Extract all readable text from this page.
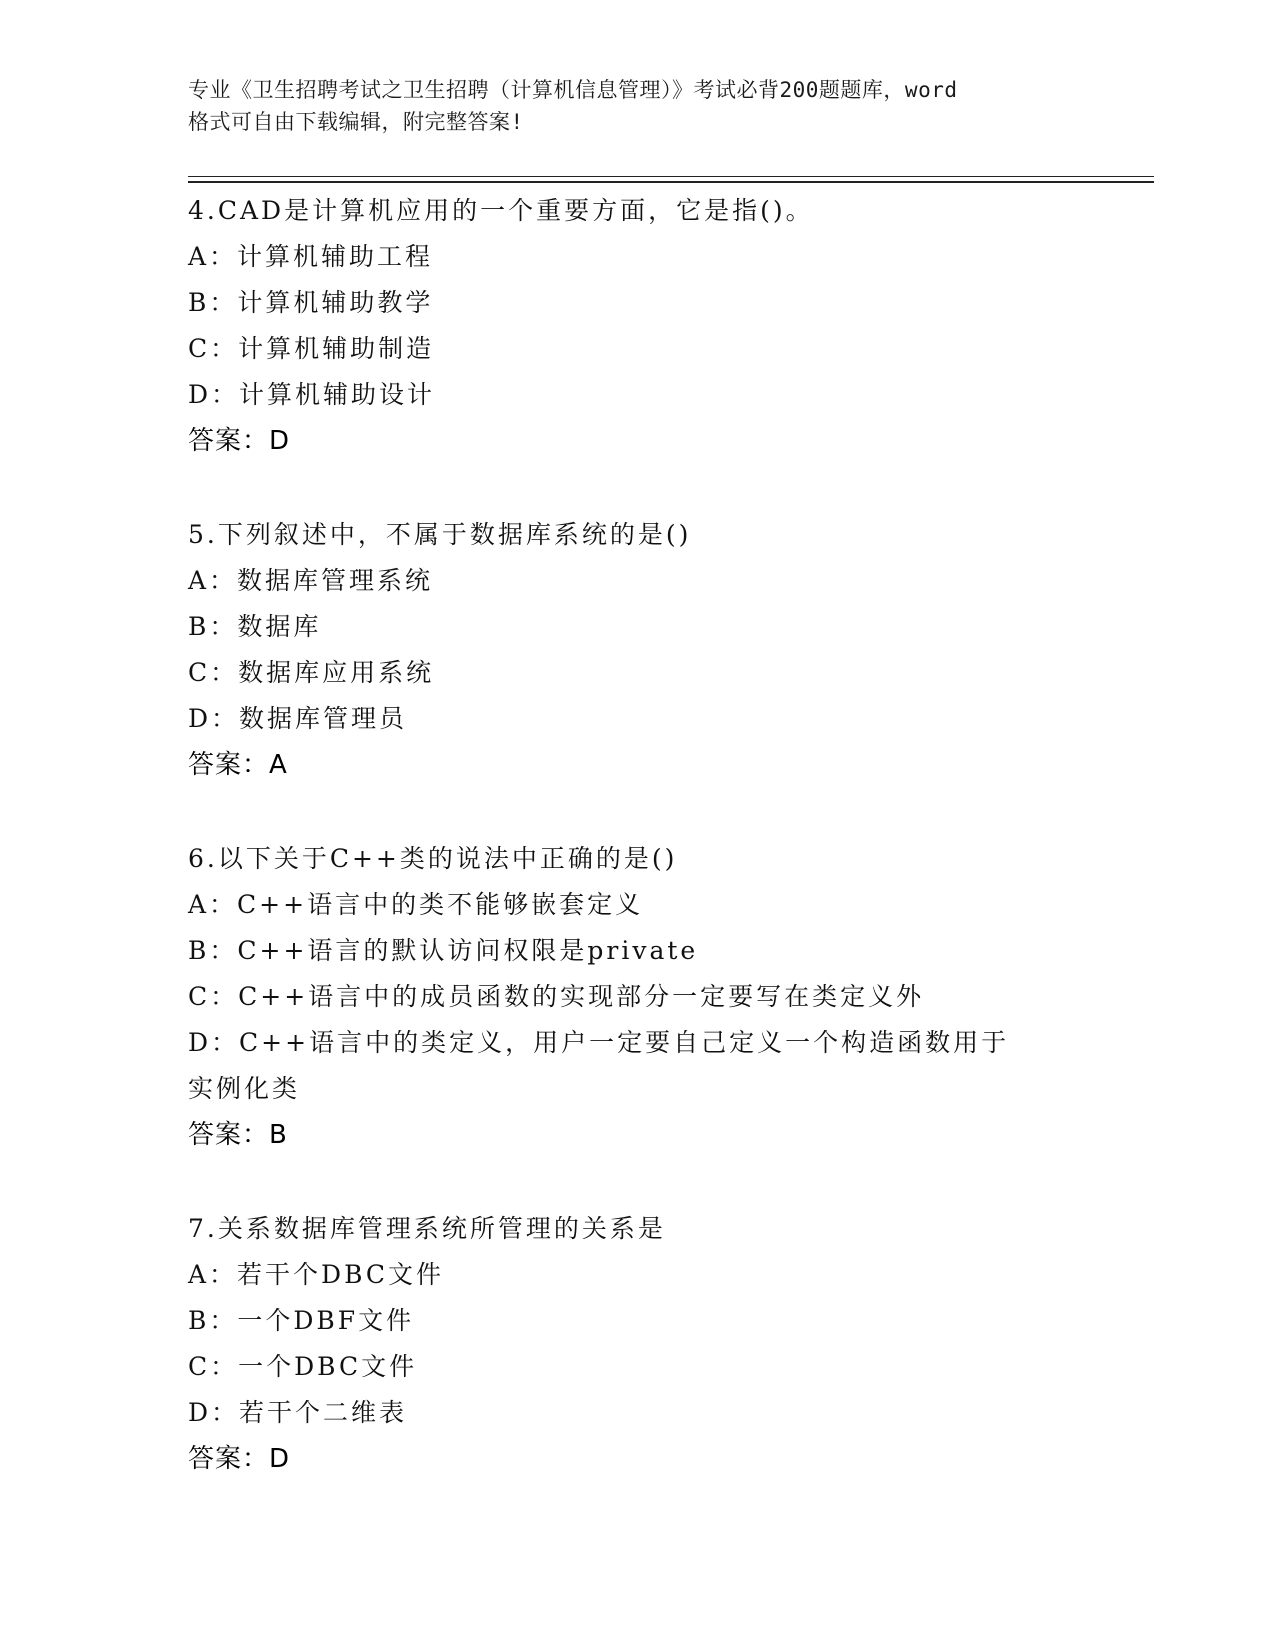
专业《卫生招聘考试之卫生招聘（计算机信息管理）》考试必背200题题库，word
格式可自由下载编辑，附完整答案!
4.CAD是计算机应用的一个重要方面，它是指()。
A：计算机辅助工程
B：计算机辅助教学
C：计算机辅助制造
D：计算机辅助设计
答案：D
5.下列叙述中，不属于数据库系统的是()
A：数据库管理系统
B：数据库
C：数据库应用系统
D：数据库管理员
答案：A
6.以下关于C++类的说法中正确的是()
A：C++语言中的类不能够嵌套定义
B：C++语言的默认访问权限是private
C：C++语言中的成员函数的实现部分一定要写在类定义外
D：C++语言中的类定义，用户一定要自己定义一个构造函数用于实例化类
答案：B
7.关系数据库管理系统所管理的关系是
A：若干个DBC文件
B：一个DBF文件
C：一个DBC文件
D：若干个二维表
答案：D
